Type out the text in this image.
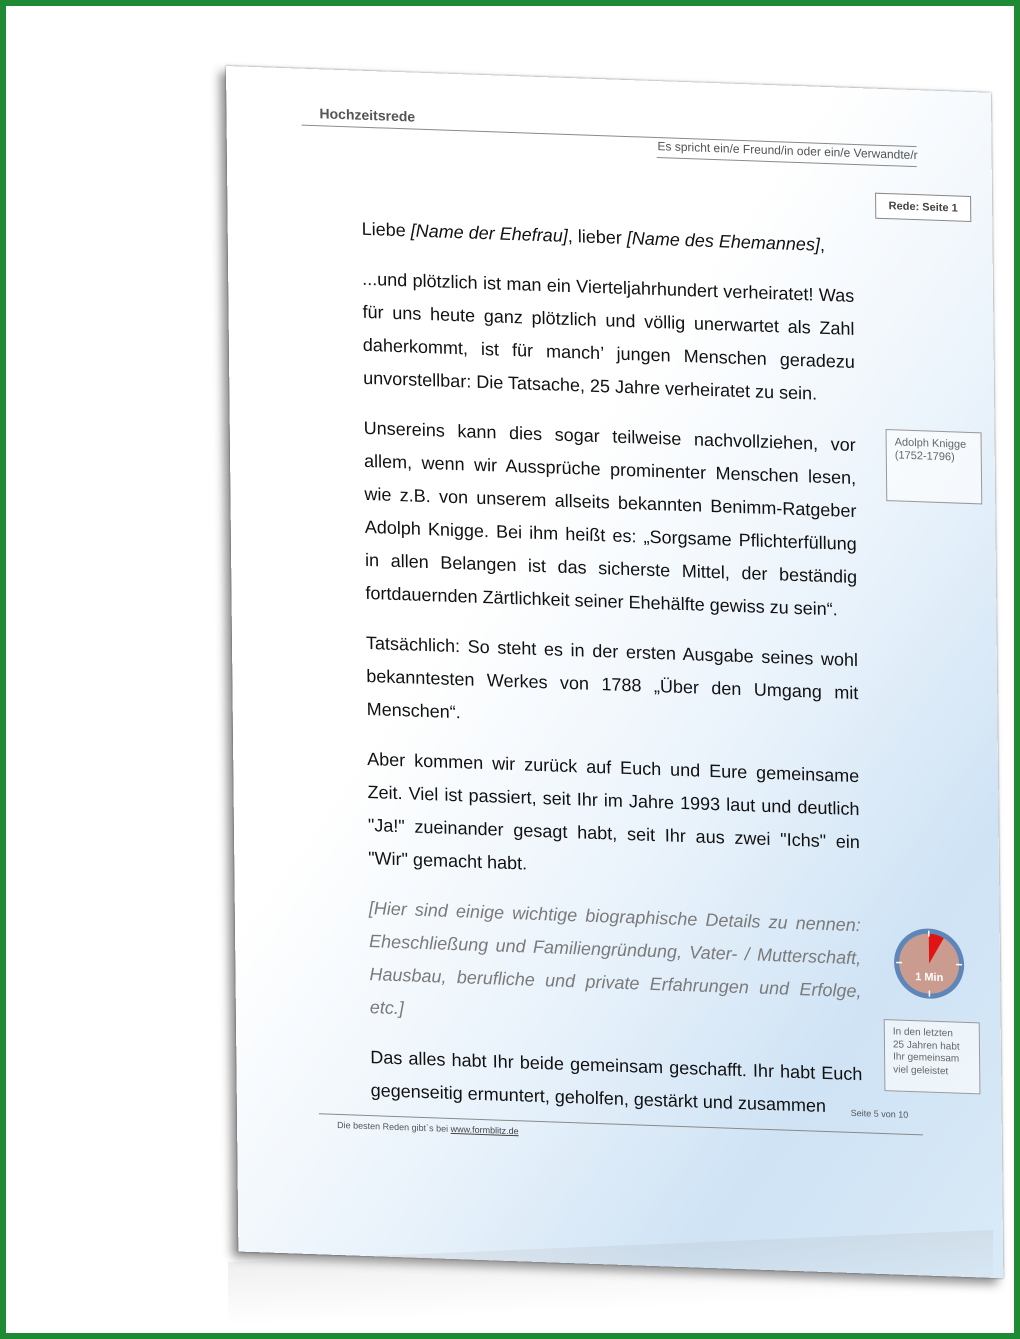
Hochzeitsrede
Es spricht ein/e Freund/in oder ein/e Verwandte/r
Rede: Seite 1

Liebe [Name der Ehefrau], lieber [Name des Ehemannes],

...und plötzlich ist man ein Vierteljahrhundert verheiratet! Was für uns heute ganz plötzlich und völlig unerwartet als Zahl daherkommt, ist für manch’ jungen Menschen geradezu unvorstellbar: Die Tatsache, 25 Jahre verheiratet zu sein.

Unsereins kann dies sogar teilweise nachvollziehen, vor allem, wenn wir Aussprüche prominenter Menschen lesen, wie z.B. von unserem allseits bekannten Benimm-Ratgeber Adolph Knigge. Bei ihm heißt es: „Sorgsame Pflichterfüllung in allen Belangen ist das sicherste Mittel, der beständig fortdauernden Zärtlichkeit seiner Ehehälfte gewiss zu sein“.

Tatsächlich: So steht es in der ersten Ausgabe seines wohl bekanntesten Werkes von 1788 „Über den Umgang mit Menschen“.

Aber kommen wir zurück auf Euch und Eure gemeinsame Zeit. Viel ist passiert, seit Ihr im Jahre 1993 laut und deutlich "Ja!" zueinander gesagt habt, seit Ihr aus zwei "Ichs" ein "Wir" gemacht habt.

[Hier sind einige wichtige biographische Details zu nennen: Eheschließung und Familiengründung, Vater- / Mutterschaft, Hausbau, berufliche und private Erfahrungen und Erfolge, etc.]

Das alles habt Ihr beide gemeinsam geschafft. Ihr habt Euch gegenseitig ermuntert, geholfen, gestärkt und zusammen

Adolph Knigge
(1752-1796)
1 Min
In den letzten
25 Jahren habt
Ihr gemeinsam
viel geleistet
Seite 5 von 10
Die besten Reden gibt`s bei www.formblitz.de
